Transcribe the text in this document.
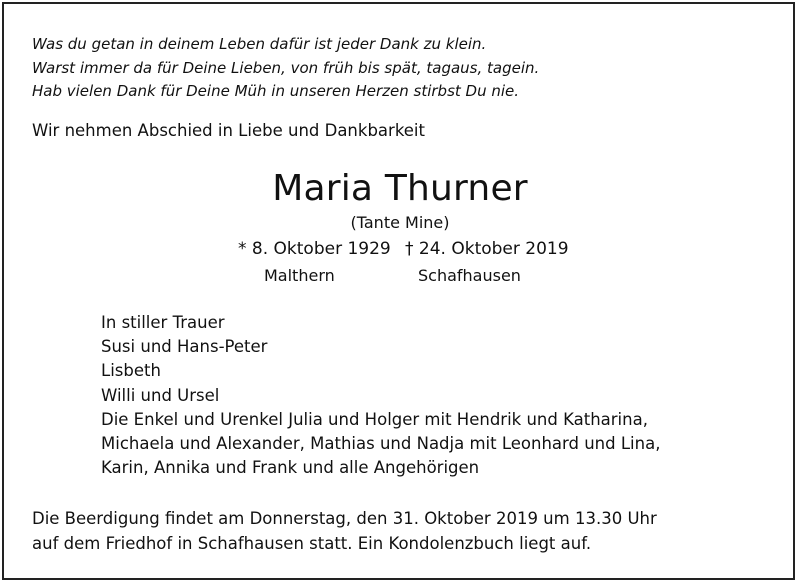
Was du getan in deinem Leben dafür ist jeder Dank zu klein.
Warst immer da für Deine Lieben, von früh bis spät, tagaus, tagein.
Hab vielen Dank für Deine Müh in unseren Herzen stirbst Du nie.
Wir nehmen Abschied in Liebe und Dankbarkeit
Maria Thurner
(Tante Mine)
* 8. Oktober 1929 † 24. Oktober 2019
Malthern	Schafhausen
In stiller Trauer
Susi und Hans-Peter
Lisbeth
Willi und Ursel
Die Enkel und Urenkel Julia und Holger mit Hendrik und Katharina,
Michaela und Alexander, Mathias und Nadja mit Leonhard und Lina,
Karin, Annika und Frank und alle Angehörigen
Die Beerdigung findet am Donnerstag, den 31. Oktober 2019 um 13.30 Uhr
auf dem Friedhof in Schafhausen statt. Ein Kondolenzbuch liegt auf.
